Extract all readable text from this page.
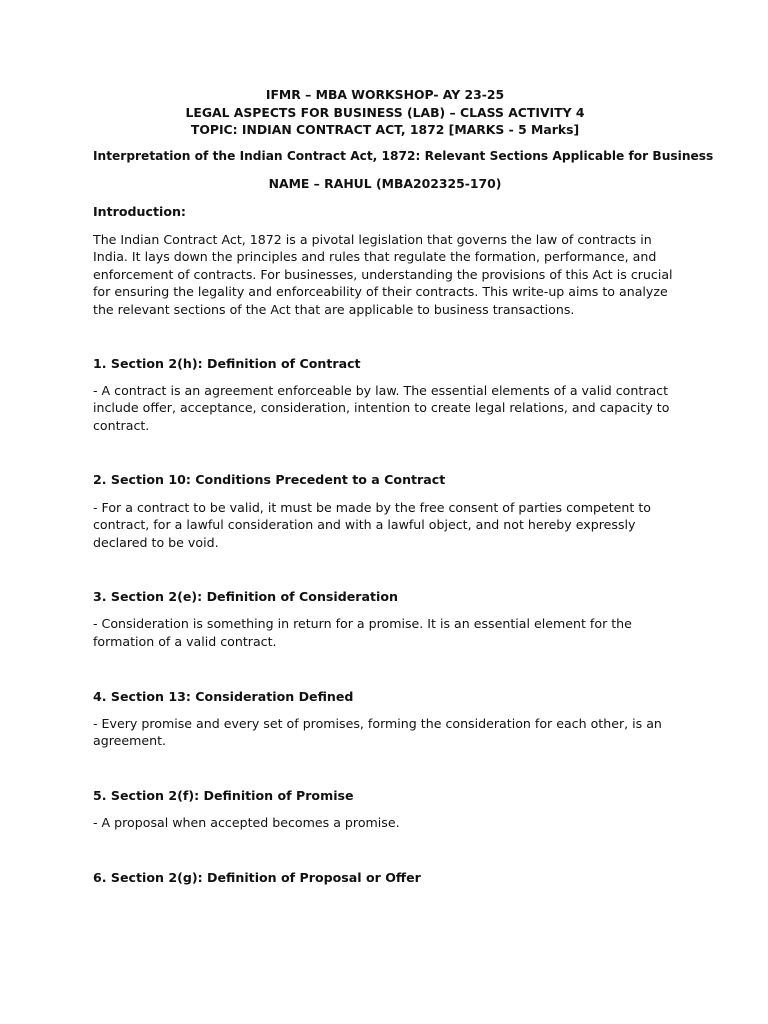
IFMR – MBA WORKSHOP- AY 23-25
LEGAL ASPECTS FOR BUSINESS (LAB) – CLASS ACTIVITY 4
TOPIC: INDIAN CONTRACT ACT, 1872 [MARKS - 5 Marks]
Interpretation of the Indian Contract Act, 1872: Relevant Sections Applicable for Business
NAME – RAHUL (MBA202325-170)
Introduction:
The Indian Contract Act, 1872 is a pivotal legislation that governs the law of contracts in India. It lays down the principles and rules that regulate the formation, performance, and enforcement of contracts. For businesses, understanding the provisions of this Act is crucial for ensuring the legality and enforceability of their contracts. This write-up aims to analyze the relevant sections of the Act that are applicable to business transactions.
1. Section 2(h): Definition of Contract
- A contract is an agreement enforceable by law. The essential elements of a valid contract include offer, acceptance, consideration, intention to create legal relations, and capacity to contract.
2. Section 10: Conditions Precedent to a Contract
- For a contract to be valid, it must be made by the free consent of parties competent to contract, for a lawful consideration and with a lawful object, and not hereby expressly declared to be void.
3. Section 2(e): Definition of Consideration
- Consideration is something in return for a promise. It is an essential element for the formation of a valid contract.
4. Section 13: Consideration Defined
- Every promise and every set of promises, forming the consideration for each other, is an agreement.
5. Section 2(f): Definition of Promise
- A proposal when accepted becomes a promise.
6. Section 2(g): Definition of Proposal or Offer
